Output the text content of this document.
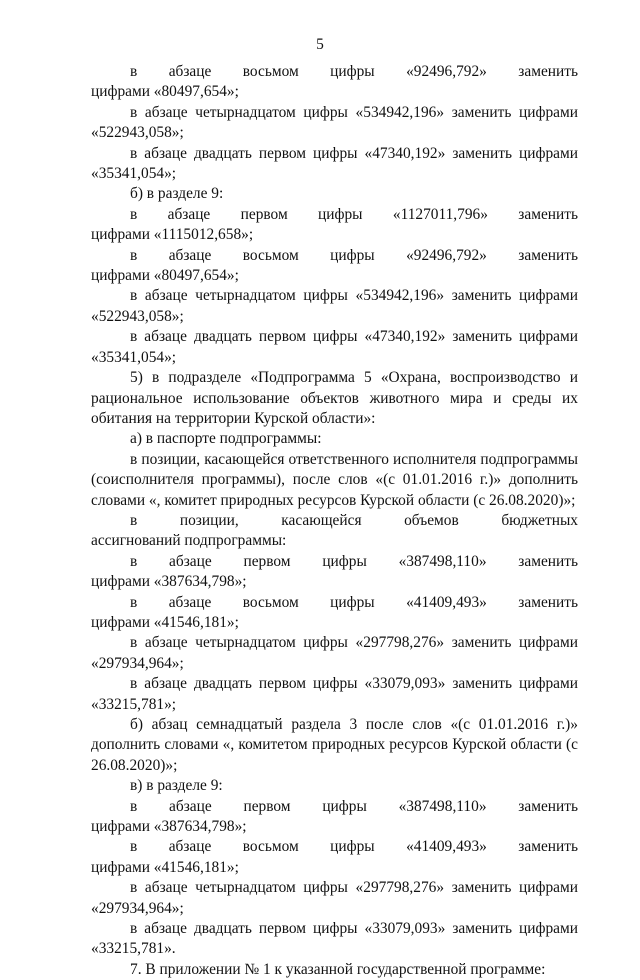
5

в      абзаце      восьмом      цифры      «92496,792»      заменить      цифрами «80497,654»;

в абзаце четырнадцатом цифры «534942,196» заменить цифрами «522943,058»;

в абзаце двадцать первом цифры «47340,192» заменить цифрами «35341,054»;

б) в разделе 9:

в      абзаце      первом      цифры      «1127011,796»      заменить      цифрами «1115012,658»;

в      абзаце      восьмом      цифры      «92496,792»      заменить      цифрами «80497,654»;

в абзаце четырнадцатом цифры «534942,196» заменить цифрами «522943,058»;

в абзаце двадцать первом цифры «47340,192» заменить цифрами «35341,054»;

5) в подразделе «Подпрограмма 5 «Охрана, воспроизводство и рациональное использование объектов животного мира и среды их обитания на территории Курской области»:

а) в паспорте подпрограммы:

в позиции, касающейся ответственного исполнителя подпрограммы (соисполнителя программы), после слов «(с 01.01.2016 г.)» дополнить словами «, комитет природных ресурсов Курской области (с 26.08.2020)»;

в      позиции,      касающейся      объемов      бюджетных      ассигнований подпрограммы:

в      абзаце      первом      цифры      «387498,110»      заменить      цифрами «387634,798»;

в      абзаце      восьмом      цифры      «41409,493»      заменить      цифрами «41546,181»;

в абзаце четырнадцатом цифры «297798,276» заменить цифрами «297934,964»;

в абзаце двадцать первом цифры «33079,093» заменить цифрами «33215,781»;

б) абзац семнадцатый раздела 3 после слов «(с 01.01.2016 г.)» дополнить словами «, комитетом природных ресурсов Курской области (с 26.08.2020)»;

в) в разделе 9:

в      абзаце      первом      цифры      «387498,110»      заменить      цифрами «387634,798»;

в      абзаце      восьмом      цифры      «41409,493»      заменить      цифрами «41546,181»;

в абзаце четырнадцатом цифры «297798,276» заменить цифрами «297934,964»;

в абзаце двадцать первом цифры «33079,093» заменить цифрами «33215,781».

7. В приложении № 1 к указанной государственной программе:
